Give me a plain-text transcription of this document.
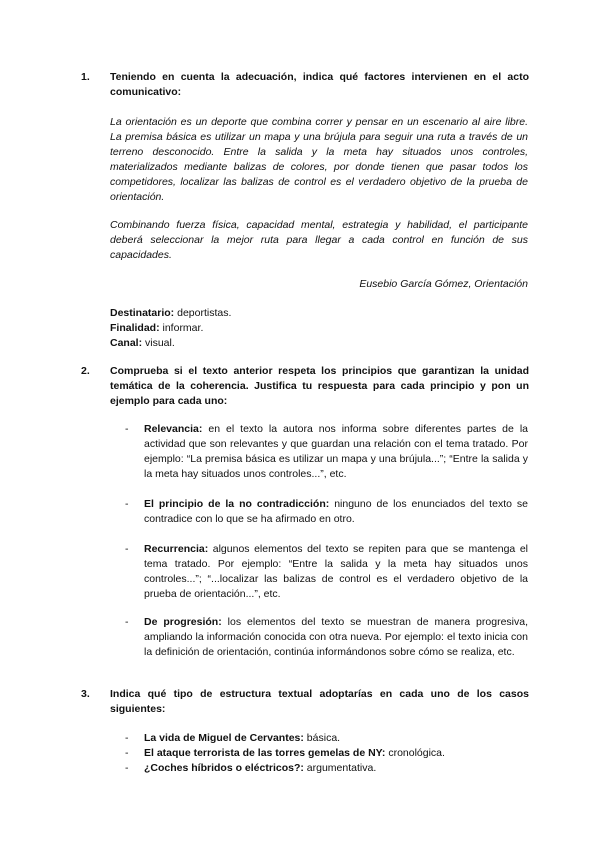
1. Teniendo en cuenta la adecuación, indica qué factores intervienen en el acto comunicativo:
La orientación es un deporte que combina correr y pensar en un escenario al aire libre. La premisa básica es utilizar un mapa y una brújula para seguir una ruta a través de un terreno desconocido. Entre la salida y la meta hay situados unos controles, materializados mediante balizas de colores, por donde tienen que pasar todos los competidores, localizar las balizas de control es el verdadero objetivo de la prueba de orientación.
Combinando fuerza física, capacidad mental, estrategia y habilidad, el participante deberá seleccionar la mejor ruta para llegar a cada control en función de sus capacidades.
Eusebio García Gómez, Orientación
Destinatario: deportistas.
Finalidad: informar.
Canal: visual.
2. Comprueba si el texto anterior respeta los principios que garantizan la unidad temática de la coherencia. Justifica tu respuesta para cada principio y pon un ejemplo para cada uno:
- Relevancia: en el texto la autora nos informa sobre diferentes partes de la actividad que son relevantes y que guardan una relación con el tema tratado. Por ejemplo: “La premisa básica es utilizar un mapa y una brújula...”; “Entre la salida y la meta hay situados unos controles...”, etc.
- El principio de la no contradicción: ninguno de los enunciados del texto se contradice con lo que se ha afirmado en otro.
- Recurrencia: algunos elementos del texto se repiten para que se mantenga el tema tratado. Por ejemplo: “Entre la salida y la meta hay situados unos controles...”; “...localizar las balizas de control es el verdadero objetivo de la prueba de orientación...”, etc.
- De progresión: los elementos del texto se muestran de manera progresiva, ampliando la información conocida con otra nueva. Por ejemplo: el texto inicia con la definición de orientación, continúa informándonos sobre cómo se realiza, etc.
3. Indica qué tipo de estructura textual adoptarías en cada uno de los casos siguientes:
- La vida de Miguel de Cervantes: básica.
- El ataque terrorista de las torres gemelas de NY: cronológica.
- ¿Coches híbridos o eléctricos?: argumentativa.
